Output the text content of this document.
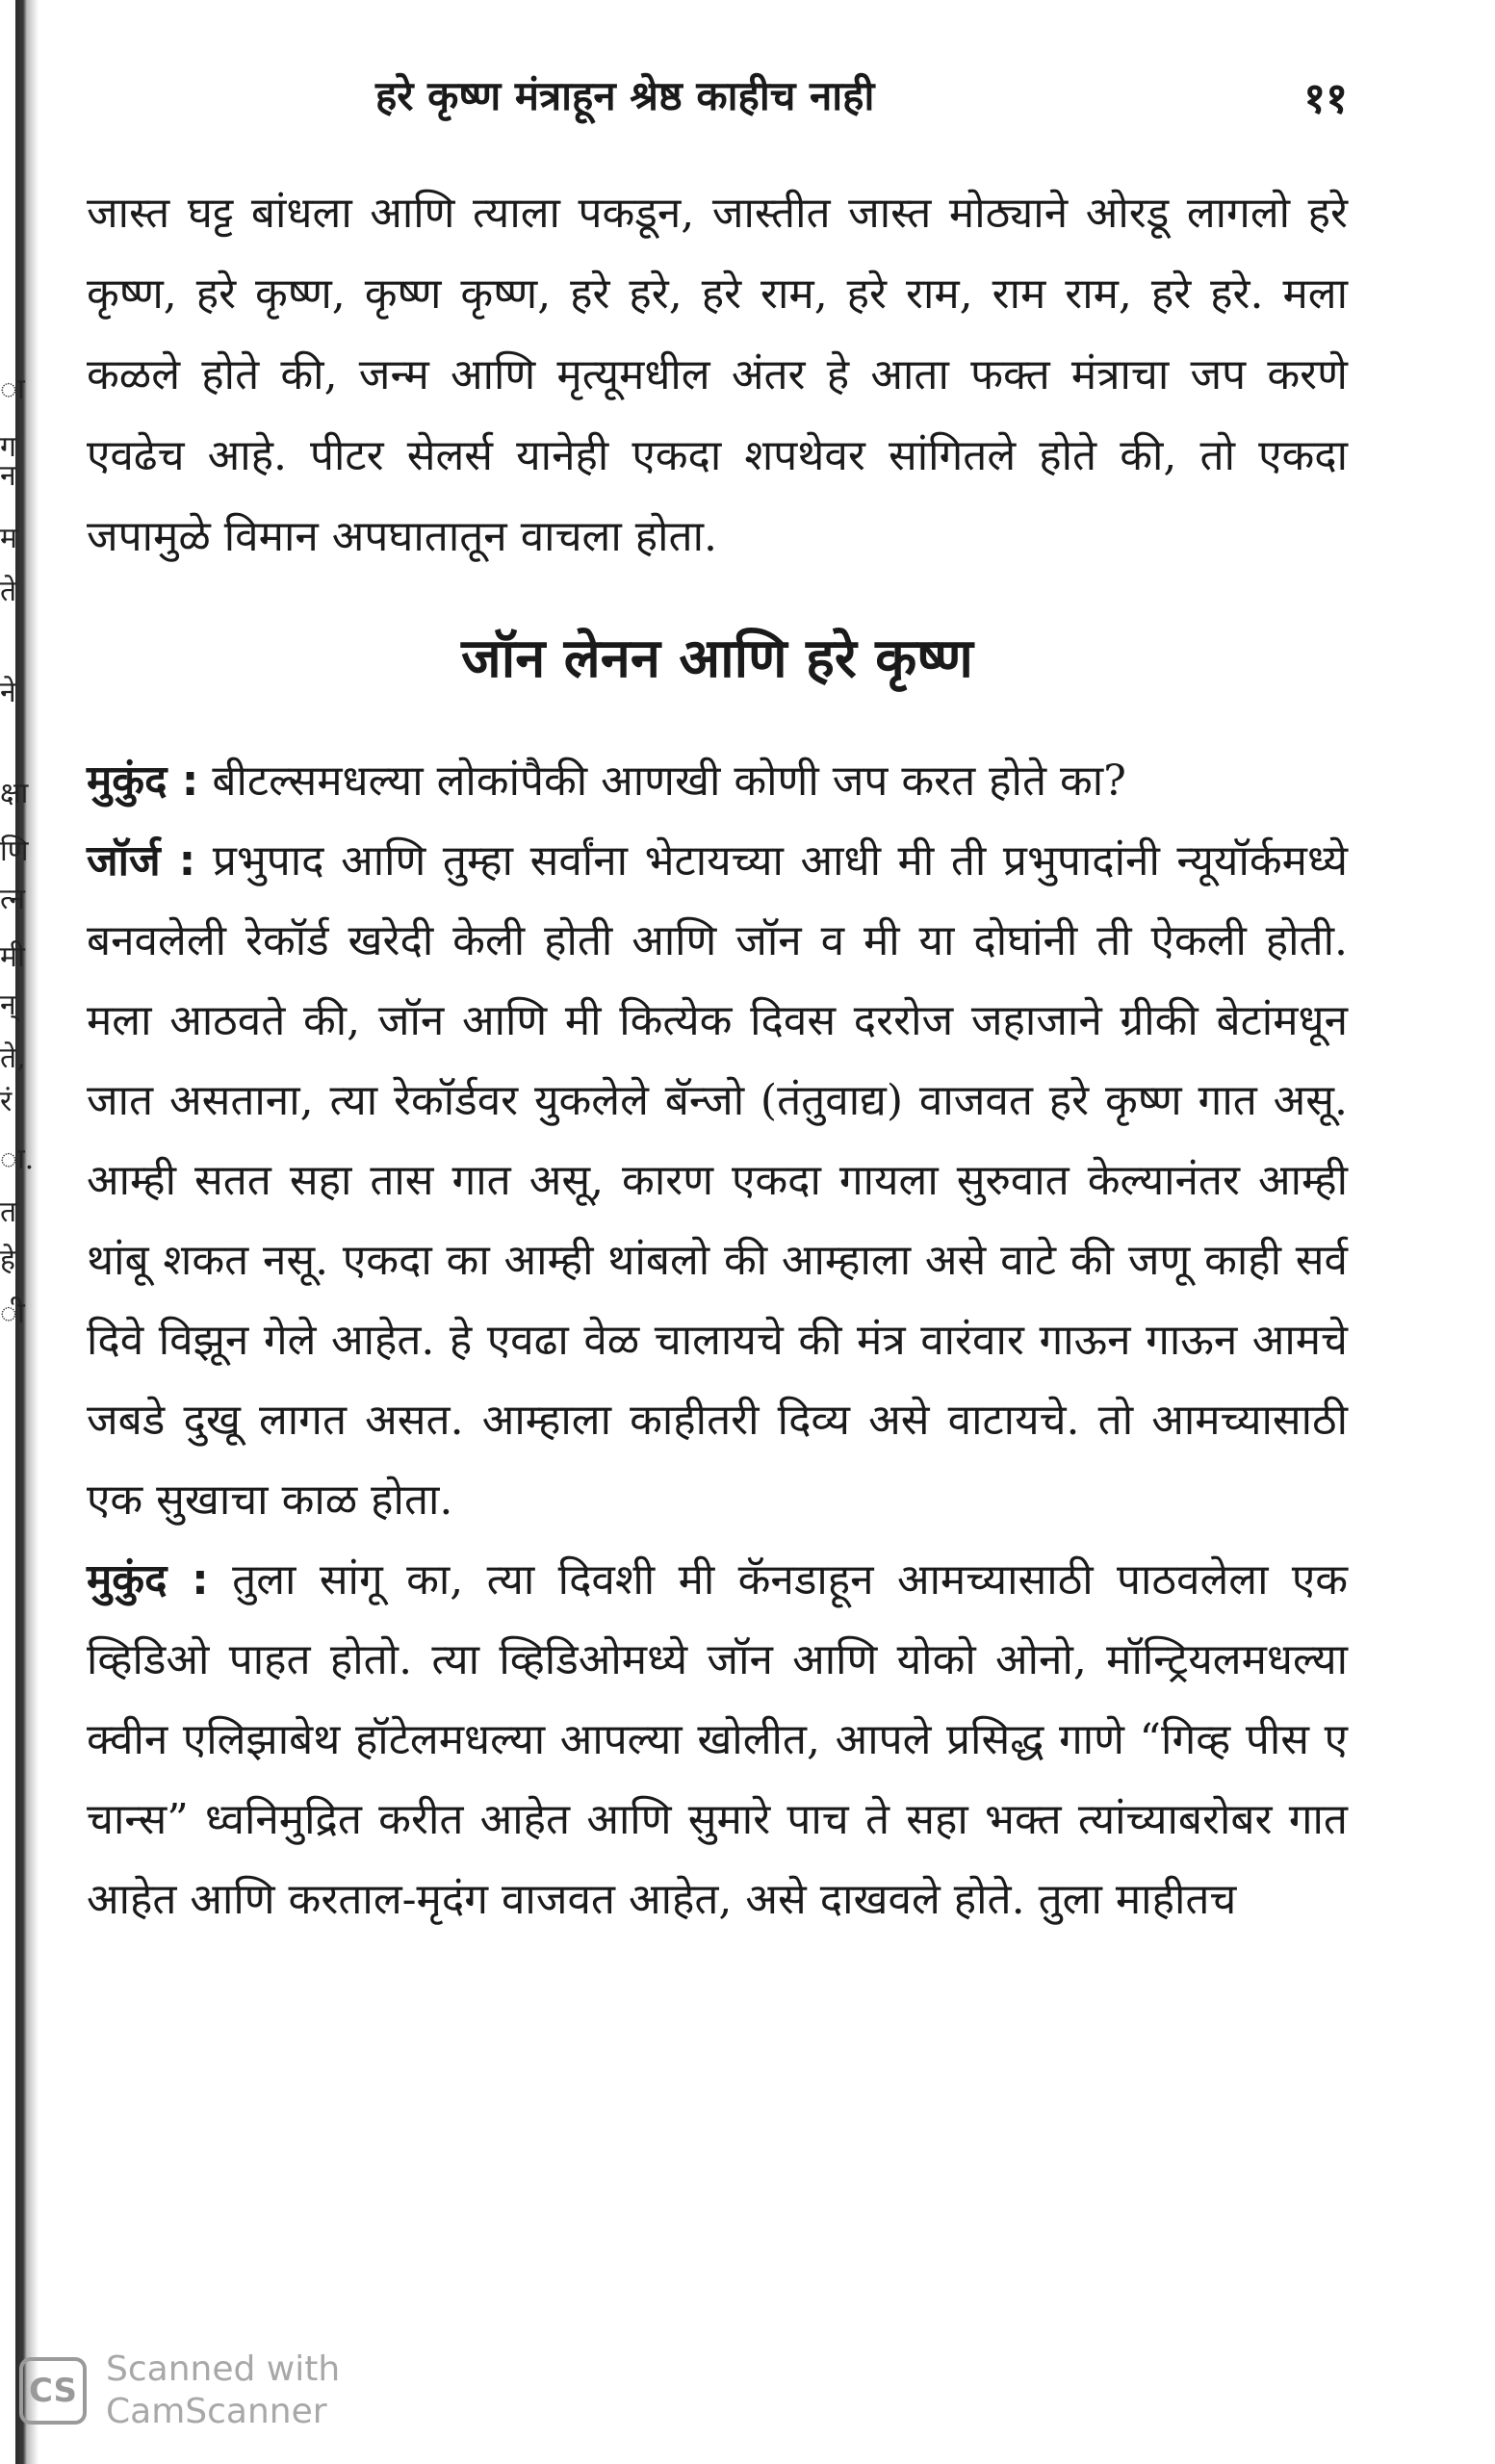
ा
ग
न
म
ते
ने
क्षा
णि
त्न
मी
न्
ते,
रं
ा.
त
हे
ी
हरे कृष्ण मंत्राहून श्रेष्ठ काहीच नाही	११

जास्त घट्ट बांधला आणि त्याला पकडून, जास्तीत जास्त मोठ्याने ओरडू लागलो हरे कृष्ण, हरे कृष्ण, कृष्ण कृष्ण, हरे हरे, हरे राम, हरे राम, राम राम, हरे हरे. मला कळले होते की, जन्म आणि मृत्यूमधील अंतर हे आता फक्त मंत्राचा जप करणे एवढेच आहे. पीटर सेलर्स यानेही एकदा शपथेवर सांगितले होते की, तो एकदा जपामुळे विमान अपघातातून वाचला होता.

जॉन लेनन आणि हरे कृष्ण

मुकुंद : बीटल्समधल्या लोकांपैकी आणखी कोणी जप करत होते का?

जॉर्ज : प्रभुपाद आणि तुम्हा सर्वांना भेटायच्या आधी मी ती प्रभुपादांनी न्यूयॉर्कमध्ये बनवलेली रेकॉर्ड खरेदी केली होती आणि जॉन व मी या दोघांनी ती ऐकली होती. मला आठवते की, जॉन आणि मी कित्येक दिवस दररोज जहाजाने ग्रीकी बेटांमधून जात असताना, त्या रेकॉर्डवर युकलेले बॅन्जो (तंतुवाद्य) वाजवत हरे कृष्ण गात असू. आम्ही सतत सहा तास गात असू, कारण एकदा गायला सुरुवात केल्यानंतर आम्ही थांबू शकत नसू. एकदा का आम्ही थांबलो की आम्हाला असे वाटे की जणू काही सर्व दिवे विझून गेले आहेत. हे एवढा वेळ चालायचे की मंत्र वारंवार गाऊन गाऊन आमचे जबडे दुखू लागत असत. आम्हाला काहीतरी दिव्य असे वाटायचे. तो आमच्यासाठी एक सुखाचा काळ होता.

मुकुंद : तुला सांगू का, त्या दिवशी मी कॅनडाहून आमच्यासाठी पाठवलेला एक व्हिडिओ पाहत होतो. त्या व्हिडिओमध्ये जॉन आणि योको ओनो, मॉन्ट्रियलमधल्या क्वीन एलिझाबेथ हॉटेलमधल्या आपल्या खोलीत, आपले प्रसिद्ध गाणे “गिव्ह पीस ए चान्स” ध्वनिमुद्रित करीत आहेत आणि सुमारे पाच ते सहा भक्त त्यांच्याबरोबर गात आहेत आणि करताल-मृदंग वाजवत आहेत, असे दाखवले होते. तुला माहीतच

CS
Scanned with
CamScanner
